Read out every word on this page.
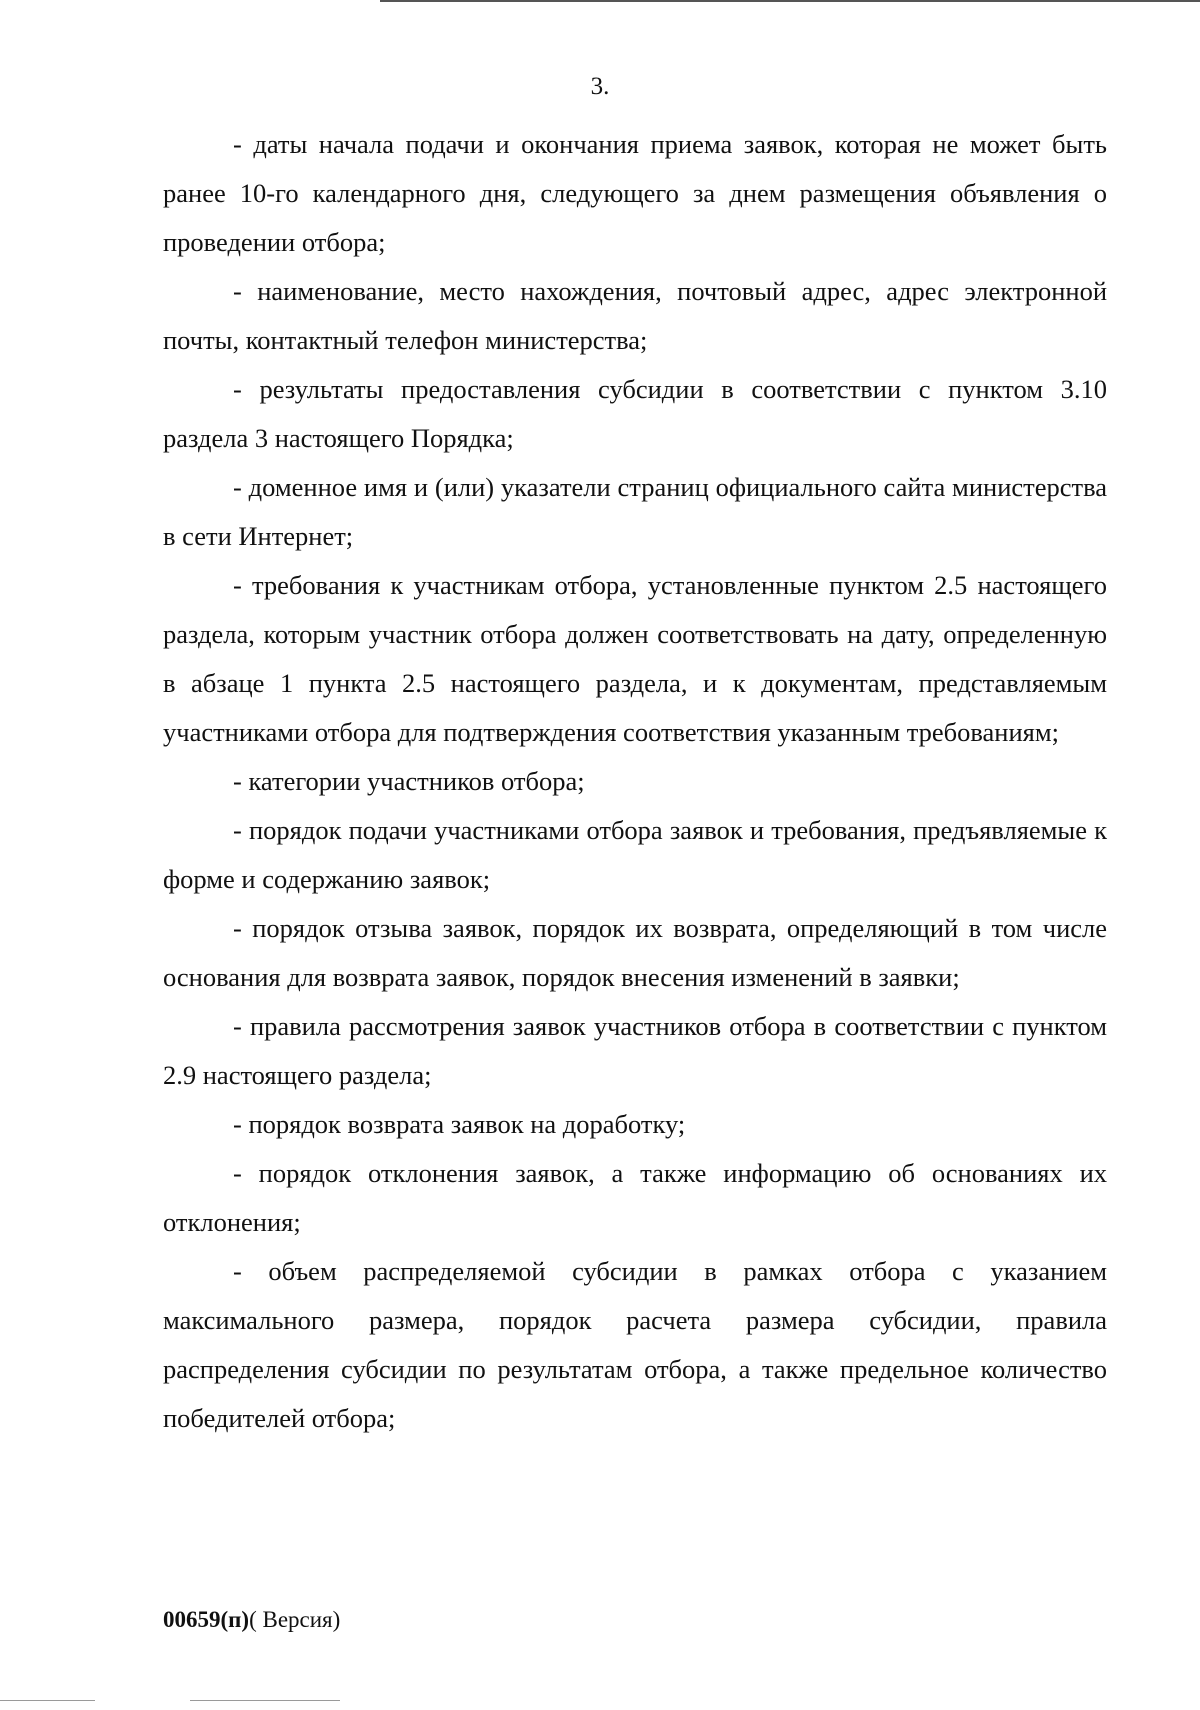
3.

- даты начала подачи и окончания приема заявок, которая не может быть ранее 10-го календарного дня, следующего за днем размещения объявления о проведении отбора;

- наименование, место нахождения, почтовый адрес, адрес электронной почты, контактный телефон министерства;

- результаты предоставления субсидии в соответствии с пунктом 3.10 раздела 3 настоящего Порядка;

- доменное имя и (или) указатели страниц официального сайта министерства в сети Интернет;

- требования к участникам отбора, установленные пунктом 2.5 настоящего раздела, которым участник отбора должен соответствовать на дату, определенную в абзаце 1 пункта 2.5 настоящего раздела, и к документам, представляемым участниками отбора для подтверждения соответствия указанным требованиям;

- категории участников отбора;

- порядок подачи участниками отбора заявок и требования, предъявляемые к форме и содержанию заявок;

- порядок отзыва заявок, порядок их возврата, определяющий в том числе основания для возврата заявок, порядок внесения изменений в заявки;

- правила рассмотрения заявок участников отбора в соответствии с пунктом 2.9 настоящего раздела;

- порядок возврата заявок на доработку;

- порядок отклонения заявок, а также информацию об основаниях их отклонения;

- объем распределяемой субсидии в рамках отбора с указанием максимального размера, порядок расчета размера субсидии, правила распределения субсидии по результатам отбора, а также предельное количество победителей отбора;

00659(п)( Версия)
